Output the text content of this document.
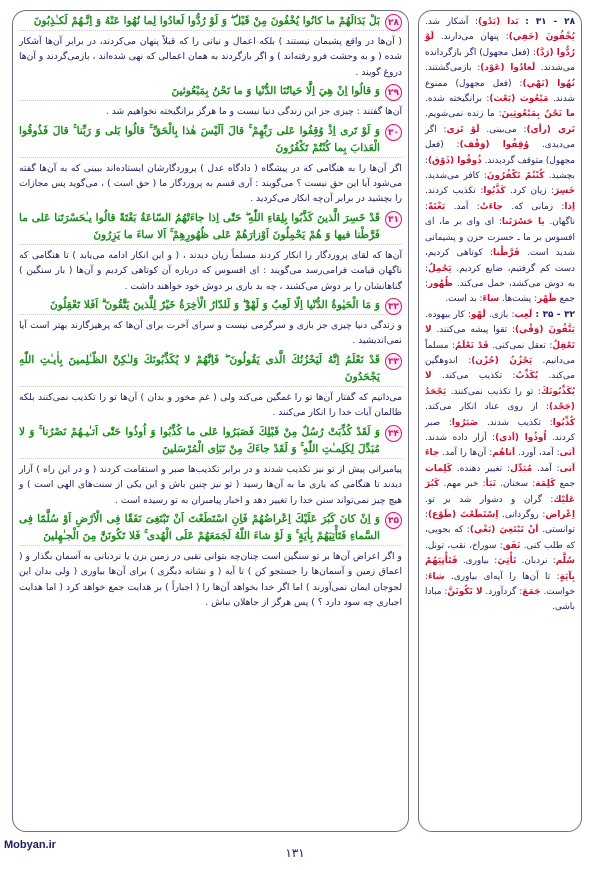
۲۸
بَلْ بَدَالَهُمْ ما كانُوا يُخْفُونَ مِنْ قَبْلُ ۖ وَ لَوْ رُدُّوا لَعادُوا لِما نُهُوا عَنْهُ وَ اِنَّـهُمْ لَكـٰذِبُونَ

( آن‌ها در واقع پشیمان نیستند ) بلکه اعمال و نیاتی را که قبلاً پنهان می‌کردند، در برابر آن‌ها آشکار شده ( و به وحشت فرو رفته‌اند ) و اگر بازگردند به همان اعمالی که نهی شده‌اند ، بازمی‌گردند و آن‌ها دروغ گویند .

۲۹
وَ قالُوا اِنْ هِيَ اِلَّا حَياتُنَا الدُّنْيا وَ ما نَحْنُ بِمَبْعُوثينَ

آن‌ها گفتند : چیزی جز این زندگی دنیا نیست و ما هرگز برانگیخته نخواهیم شد .

۳۰
وَ لَوْ تَرى اِذْ وُقِفُوا عَلى رَبِّهِمْ ۚ قالَ اَلَيْسَ هٰذا بِالْحَقِّ ۚ قالُوا بَلى وَ رَبِّنا ۚ قالَ فَذُوقُوا الْعَذابَ بِما كُنْتُمْ تَكْفُرُونَ

اگر آن‌ها را به هنگامی که در پیشگاه ( دادگاه عدل ) پروردگارشان ایستاده‌اند ببینی که به آن‌ها گفته می‌شود آیا این حق نیست ؟ می‌گویند : آری قسم به پروردگار ما ( حق است ) ، می‌گوید پس مجازات را بچشید در برابر آن‌چه انکار می‌کردید .

۳۱
قَدْ خَسِرَ الَّذينَ كَذَّبُوا بِلِقاءِ اللّٰهِ ۖ حَتّٰى اِذا جاءَتْهُمُ السّاعَةُ بَغْتَةً قالُوا يـٰحَسْرَتَنا عَلى ما فَرَّطْنا فيها وَ هُمْ يَحْمِلُونَ اَوْزارَهُمْ عَلى ظُهُورِهِمْ ۚ اَلا ساءَ ما يَزِرُونَ

آن‌ها که لقای پروردگار را انکار کردند مسلماً زیان دیدند ، ( و این انکار ادامه می‌یابد ) تا هنگامی که ناگهان قیامت فرامی‌رسد می‌گویند : ای افسوس که درباره آن کوتاهی کردیم و آن‌ها ( بار سنگین ) گناهانشان را بر دوش می‌کشند ، چه بد باری بر دوش خود خواهند داشت .

۳۲
وَ مَا الْحَيٰوةُ الدُّنْيا اِلّا لَعِبٌ وَ لَهْوٌ ۖ وَ لَلدّارُ الْاٰخِرَةُ خَيْرٌ لِلَّذينَ يَتَّقُونَ ۗ اَفَلا تَعْقِلُونَ

و زندگی دنیا چیزی جز بازی و سرگرمی نیست و سرای آخرت برای آن‌ها که پرهیزگارند بهتر است آیا نمی‌اندیشید .

۳۳
قَدْ نَعْلَمُ اِنَّهُ لَيَحْزُنُكَ الَّذى يَقُولُونَ ۖ فَاِنَّهُمْ لا يُكَذِّبُونَكَ وَلـٰكِنَّ الظّـٰلِمينَ بِاٰيـٰتِ اللّٰهِ يَجْحَدُونَ

می‌دانیم که گفتار آن‌ها تو را غمگین می‌کند ولی ( غم مخور و بدان ) آن‌ها تو را تکذیب نمی‌کنند بلکه ظالمان آیات خدا را انکار می‌کنند .

۳۴
وَ لَقَدْ كُذِّبَتْ رُسُلٌ مِنْ قَبْلِكَ فَصَبَرُوا عَلى ما كُذِّبُوا وَ اُوذُوا حَتّٰى اَتـٰيـهُمْ نَصْرُنا ۚ وَ لا مُبَدِّلَ لِكَلِمـٰتِ اللّٰهِ ۚ وَ لَقَدْ جاءَكَ مِنْ نَبَاِى الْمُرْسَلينَ

پیامبرانی پیش از تو نیز تکذیب شدند و در برابر تکذیب‌ها صبر و استقامت کردند ( و در این راه ) آزار دیدند تا هنگامی که یاری ما به آن‌ها رسید ( تو نیز چنین باش و این یکی از سنت‌های الهی است ) و هیچ چیز نمی‌تواند سنن خدا را تغییر دهد و اخبار پیامبران به تو رسیده است .

۳۵
وَ اِنْ كانَ كَبُرَ عَلَيْكَ اِعْراضُهُمْ فَاِنِ اسْتَطَعْتَ اَنْ تَبْتَغِىَ نَفَقًا فِى الْاَرْضِ اَوْ سُلَّمًا فِى السَّماءِ فَتَأْتِيَهُمْ بِاٰيَةٍ ۚ وَ لَوْ شاءَ اللّٰهُ لَجَمَعَهُمْ عَلَى الْهُدى ۚ فَلا تَكُونَنَّ مِنَ الْجـٰهِلينَ

و اگر اعراض آن‌ها بر تو سنگین است چنان‌چه بتوانی نقبی در زمین بزن یا نردبانی به آسمان بگذار و ( اعماق زمین و آسمان‌ها را جستجو کن ) تا آیه ( و نشانه دیگری ) برای آن‌ها بیاوری ( ولی بدان این لجوجان ایمان نمی‌آورند ) اما اگر خدا بخواهد آن‌ها را ( اجباراً ) بر هدایت جمع خواهد کرد ( اما هدایت اجباری چه سود دارد ؟ ) پس هرگز از جاهلان نباش .

۲۸ - ۳۱ : بَدا (بَدُو): آشکار شد. يُخْفُونَ (خَفِي): پنهان می‌دارند. لَوْ رُدُّوا (رَدَّ): (فعل مجهول) اگر بازگردانده می‌شدند. لَعادُوا (عَوْد): بازمی‌گشتند. نُهُوا (نَهْي): (فعل مجهول) ممنوع شدند. مَبْعُوث (بَعْث): برانگیخته شده. ما نَحْنُ بِمَبْعُوثِينَ: ما زنده نمی‌شویم. تَرى (رأى): می‌بینی. لَوْ تَرى: اگر می‌دیدی. وُقِفُوا (وَقْف): (فعل مجهول) متوقف گردیدند. ذُوقُوا (ذَوْق): بچشید. كُنْتُمْ تَكْفُرُونَ: کافر می‌شدید. خَسِرَ: زیان کرد. كَذَّبُوا: تکذیب کردند. اِذا: زمانی که. جاءَتْ: آمد. بَغْتَةً: ناگهان. يا حَسْرَتَنا: ای وای بر ما، ای افسوس بر ما ـ حسرت حزن و پشیمانی شدید است. فَرَّطْنا: کوتاهی کردیم، دست کم گرفتیم، ضایع کردیم. يَحْمِلُ: به دوش می‌کشد، حمل می‌کند. ظُهُور: جمع ظَهْر: پشت‌ها. ساءَ: بد است.

۳۲ - ۳۵ : لَعِب: بازی. لَهْو: کار بیهوده. يَتَّقُونَ (وَقْي): تقوا پیشه می‌کنند. لا تَعْقِلُ: تعقل نمی‌کنی. قَدْ نَعْلَمُ: مسلماً می‌دانیم. يَحْزُنُ (حُزْن): اندوهگین می‌کند. يُكَذِّبُ: تکذیب می‌کند. لا يُكَذِّبُونَكَ: تو را تکذیب نمی‌کنند. يَجْحَدُ (جَحْد): از روی عناد انکار می‌کند. كُذِّبُوا: تکذیب شدند. صَبَرُوا: صبر کردند. اُوذُوا (اَذى): آزار داده شدند. اَتى: آمد، آورد. اَتاهُم: آن‌ها را آمد. جاءَ اَتى: آمد. مُبَدِّل: تغییر دهنده. كَلِمات جمع كَلِمَة: سخنان. نَبَأ: خبر مهم. كَبُرَ عَلَيْك: گران و دشوار شد بر تو. اِعْراض: روگردانی. اِسْتَطَعْتَ (طَوْع): توانستی. اَنْ تَبْتَغِيَ (بَغْي): که بجویی، که طلب کنی. نَفَق: سوراخ، نقب، تونل. سُلَّم: نردبان. تَأْتِيَ: بیاوری. فَتَأْتِيَهُمْ بِآيَةٍ: تا آن‌ها را آیه‌ای بیاوری. شاءَ: خواست. جَمَعَ: گردآورد. لا تَكُونَنَّ: مبادا باشی.

Mobyan.ir
۱۳۱
